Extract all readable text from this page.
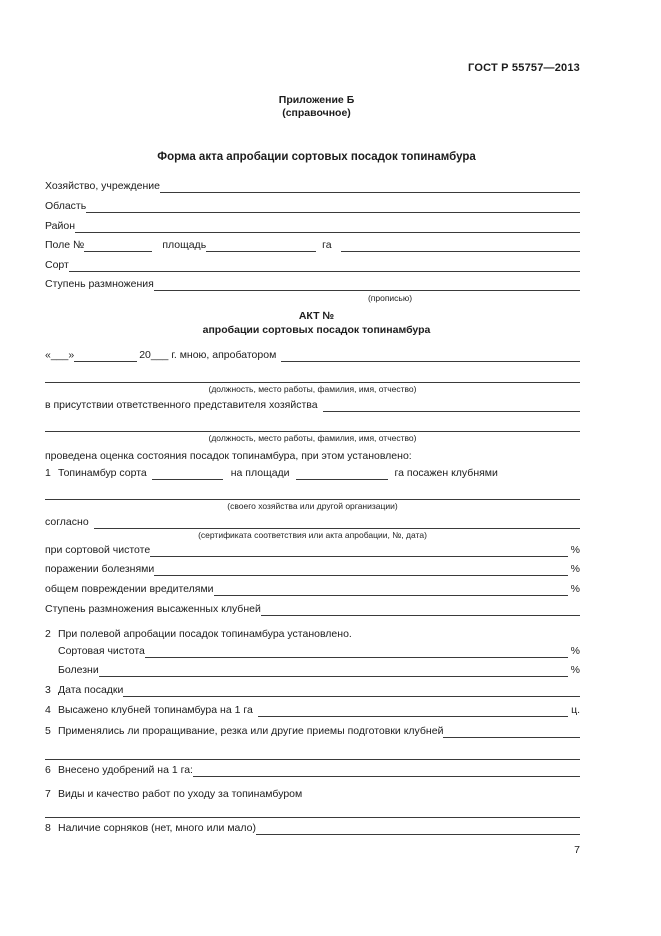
ГОСТ Р 55757—2013
Приложение Б
(справочное)
Форма акта апробации сортовых посадок топинамбура
Хозяйство, учреждение
Область
Район
Поле №	площадь	га
Сорт
Ступень размножения
(прописью)
АКТ №
апробации сортовых посадок топинамбура
«___»	20___ г. мною, апробатором
(должность, место работы, фамилия, имя, отчество)
в присутствии ответственного представителя хозяйства
(должность, место работы, фамилия, имя, отчество)
проведена оценка состояния посадок топинамбура, при этом установлено:
1 Топинамбур сорта	на площади	га посажен клубнями
(своего хозяйства или другой организации)
согласно
(сертификата соответствия или акта апробации, №, дата)
при сортовой чистоте	%
поражении болезнями	%
общем повреждении вредителями	%
Ступень размножения высаженных клубней
2 При полевой апробации посадок топинамбура установлено.
Сортовая чистота	%
Болезни	%
3 Дата посадки
4 Высажено клубней топинамбура на 1 га	ц.
5 Применялись ли проращивание, резка или другие приемы подготовки клубней
6 Внесено удобрений на 1 га:
7 Виды и качество работ по уходу за топинамбуром
8 Наличие сорняков (нет, много или мало)
7
